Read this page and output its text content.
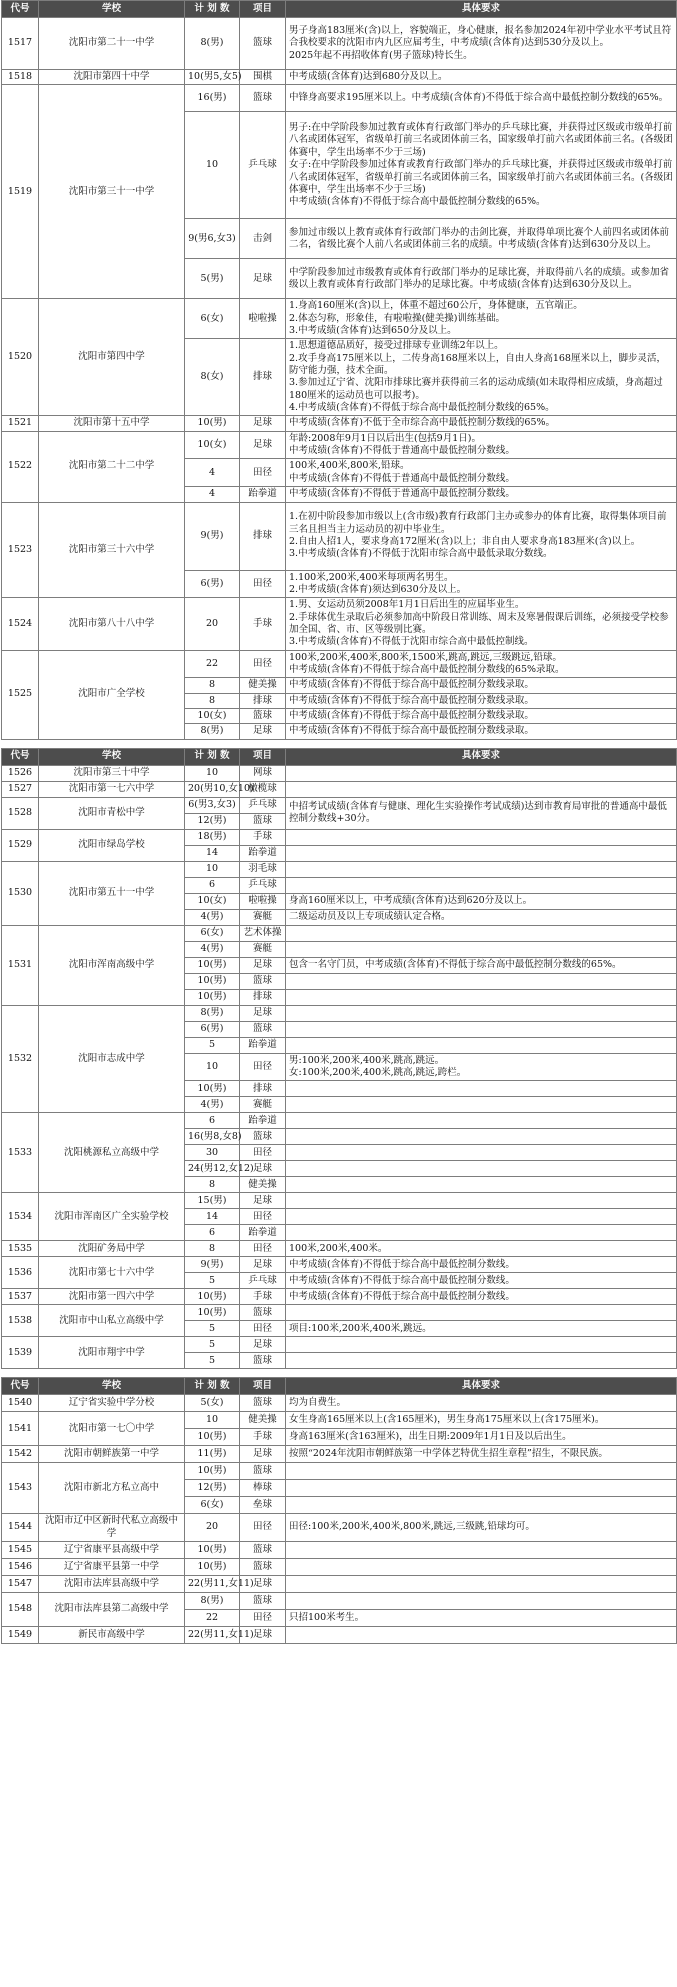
代号	学校	计 划 数	项目	具体要求
1517	沈阳市第二十一中学	8(男)	篮球	男子身高183厘米(含)以上，容貌端正，身心健康，报名参加2024年初中学业水平考试且符合我校要求的沈阳市内九区应届考生，中考成绩(含体育)达到530分及以上。
2025年起不再招收体育(男子篮球)特长生。
1518	沈阳市第四十中学	10(男5,女5)	围棋	中考成绩(含体育)达到680分及以上。
1519	沈阳市第三十一中学	16(男)	篮球	中锋身高要求195厘米以上。中考成绩(含体育)不得低于综合高中最低控制分数线的65%。
		10	乒乓球	男子:在中学阶段参加过教育或体育行政部门举办的乒乓球比赛，并获得过区级或市级单打前八名或团体冠军，省级单打前三名或团体前三名，国家级单打前六名或团体前三名。(各级团体赛中，学生出场率不少于三场)
女子:在中学阶段参加过体育或教育行政部门举办的乒乓球比赛，并获得过区级或市级单打前八名或团体冠军，省级单打前三名或团体前三名，国家级单打前六名或团体前三名。(各级团体赛中，学生出场率不少于三场)
中考成绩(含体育)不得低于综合高中最低控制分数线的65%。
		9(男6,女3)	击剑	参加过市级以上教育或体育行政部门举办的击剑比赛，并取得单项比赛个人前四名或团体前二名，省级比赛个人前八名或团体前三名的成绩。中考成绩(含体育)达到630分及以上。
		5(男)	足球	中学阶段参加过市级教育或体育行政部门举办的足球比赛，并取得前八名的成绩。或参加省级以上教育或体育行政部门举办的足球比赛。中考成绩(含体育)达到630分及以上。
1520	沈阳市第四中学	6(女)	啦啦操	1.身高160厘米(含)以上，体重不超过60公斤，身体健康，五官端正。
2.体态匀称，形象佳，有啦啦操(健美操)训练基础。
3.中考成绩(含体育)达到650分及以上。
		8(女)	排球	1.思想道德品质好，接受过排球专业训练2年以上。
2.攻手身高175厘米以上，二传身高168厘米以上，自由人身高168厘米以上，脚步灵活，防守能力强，技术全面。
3.参加过辽宁省、沈阳市排球比赛并获得前三名的运动成绩(如未取得相应成绩，身高超过180厘米的运动员也可以报考)。
4.中考成绩(含体育)不得低于综合高中最低控制分数线的65%。
1521	沈阳市第十五中学	10(男)	足球	中考成绩(含体育)不低于全市综合高中最低控制分数线的65%。
1522	沈阳市第二十二中学	10(女)	足球	年龄:2008年9月1日以后出生(包括9月1日)。
中考成绩(含体育)不得低于普通高中最低控制分数线。
		4	田径	100米,400米,800米,铅球。
中考成绩(含体育)不得低于普通高中最低控制分数线。
		4	跆拳道	中考成绩(含体育)不得低于普通高中最低控制分数线。
1523	沈阳市第三十六中学	9(男)	排球	1.在初中阶段参加市级以上(含市级)教育行政部门主办或参办的体育比赛，取得集体项目前三名且担当主力运动员的初中毕业生。
2.自由人招1人，要求身高172厘米(含)以上；非自由人要求身高183厘米(含)以上。
3.中考成绩(含体育)不得低于沈阳市综合高中最低录取分数线。
		6(男)	田径	1.100米,200米,400米每项两名男生。
2.中考成绩(含体育)须达到630分及以上。
1524	沈阳市第八十八中学	20	手球	1.男、女运动员须2008年1月1日后出生的应届毕业生。
2.手球体优生录取后必须参加高中阶段日常训练、周末及寒暑假课后训练，必须接受学校参加全国、省、市、区等级别比赛。
3.中考成绩(含体育)不得低于沈阳市综合高中最低控制线。
1525	沈阳市广全学校	22	田径	100米,200米,400米,800米,1500米,跳高,跳远,三级跳远,铅球。
中考成绩(含体育)不得低于综合高中最低控制分数线的65%录取。
		8	健美操	中考成绩(含体育)不得低于综合高中最低控制分数线录取。
		8	排球	中考成绩(含体育)不得低于综合高中最低控制分数线录取。
		10(女)	篮球	中考成绩(含体育)不得低于综合高中最低控制分数线录取。
		8(男)	足球	中考成绩(含体育)不得低于综合高中最低控制分数线录取。
代号	学校	计 划 数	项目	具体要求
1526	沈阳市第三十中学	10	网球	
1527	沈阳市第一七六中学	20(男10,女10)	橄榄球	
1528	沈阳市青松中学	6(男3,女3)	乒乓球	中招考试成绩(含体育与健康、理化生实验操作考试成绩)达到市教育局审批的普通高中最低控制分数线+30分。
		12(男)	篮球	
1529	沈阳市绿岛学校	18(男)	手球	
		14	跆拳道	
1530	沈阳市第五十一中学	10	羽毛球	
		6	乒乓球	
		10(女)	啦啦操	身高160厘米以上，中考成绩(含体育)达到620分及以上。
		4(男)	赛艇	二级运动员及以上专项成绩认定合格。
1531	沈阳市浑南高级中学	6(女)	艺术体操	
		4(男)	赛艇	
		10(男)	足球	包含一名守门员，中考成绩(含体育)不得低于综合高中最低控制分数线的65%。
		10(男)	篮球	
		10(男)	排球	
1532	沈阳市志成中学	8(男)	足球	
		6(男)	篮球	
		5	跆拳道	
		10	田径	男:100米,200米,400米,跳高,跳远。
女:100米,200米,400米,跳高,跳远,跨栏。
		10(男)	排球	
		4(男)	赛艇	
1533	沈阳桃源私立高级中学	6	跆拳道	
		16(男8,女8)	篮球	
		30	田径	
		24(男12,女12)	足球	
		8	健美操	
1534	沈阳市浑南区广全实验学校	15(男)	足球	
		14	田径	
		6	跆拳道	
1535	沈阳矿务局中学	8	田径	100米,200米,400米。
1536	沈阳市第七十六中学	9(男)	足球	中考成绩(含体育)不得低于综合高中最低控制分数线。
		5	乒乓球	中考成绩(含体育)不得低于综合高中最低控制分数线。
1537	沈阳市第一四六中学	10(男)	手球	中考成绩(含体育)不得低于综合高中最低控制分数线。
1538	沈阳市中山私立高级中学	10(男)	篮球	
		5	田径	项目:100米,200米,400米,跳远。
1539	沈阳市翔宇中学	5	足球	
		5	篮球	
代号	学校	计 划 数	项目	具体要求
1540	辽宁省实验中学分校	5(女)	篮球	均为自费生。
1541	沈阳市第一七〇中学	10	健美操	女生身高165厘米以上(含165厘米)，男生身高175厘米以上(含175厘米)。
		10(男)	手球	身高163厘米(含163厘米)，出生日期:2009年1月1日及以后出生。
1542	沈阳市朝鲜族第一中学	11(男)	足球	按照“2024年沈阳市朝鲜族第一中学体艺特优生招生章程”招生，不限民族。
1543	沈阳市新北方私立高中	10(男)	篮球	
		12(男)	棒球	
		6(女)	垒球	
1544	沈阳市辽中区新时代私立高级中学	20	田径	田径:100米,200米,400米,800米,跳远,三级跳,铅球均可。
1545	辽宁省康平县高级中学	10(男)	篮球	
1546	辽宁省康平县第一中学	10(男)	篮球	
1547	沈阳市法库县高级中学	22(男11,女11)	足球	
1548	沈阳市法库县第二高级中学	8(男)	篮球	
		22	田径	只招100米考生。
1549	新民市高级中学	22(男11,女11)	足球	
